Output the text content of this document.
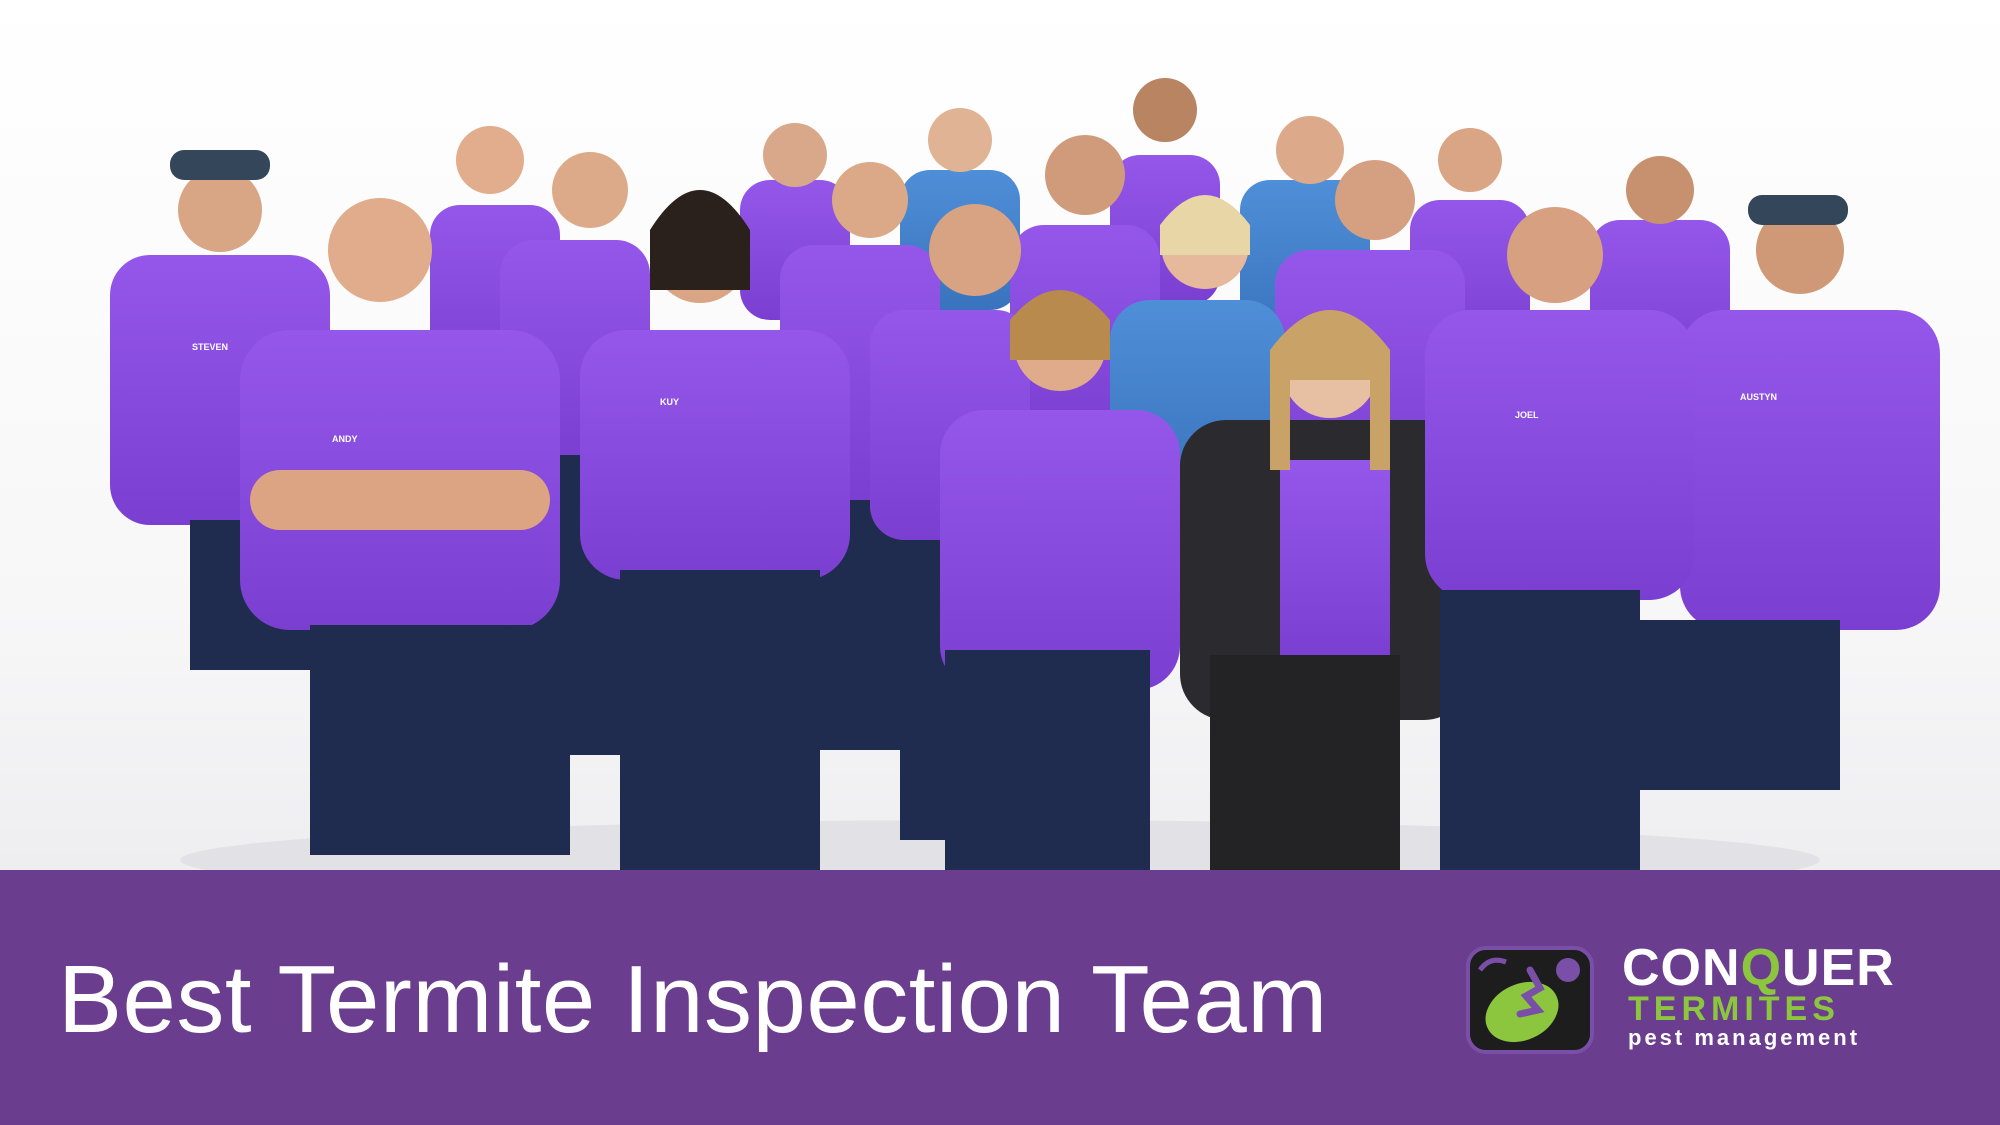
STEVEN
ANDY
KUY
JOEL
AUSTYN
Best Termite Inspection Team	CONQUER
TERMITES
pest management
